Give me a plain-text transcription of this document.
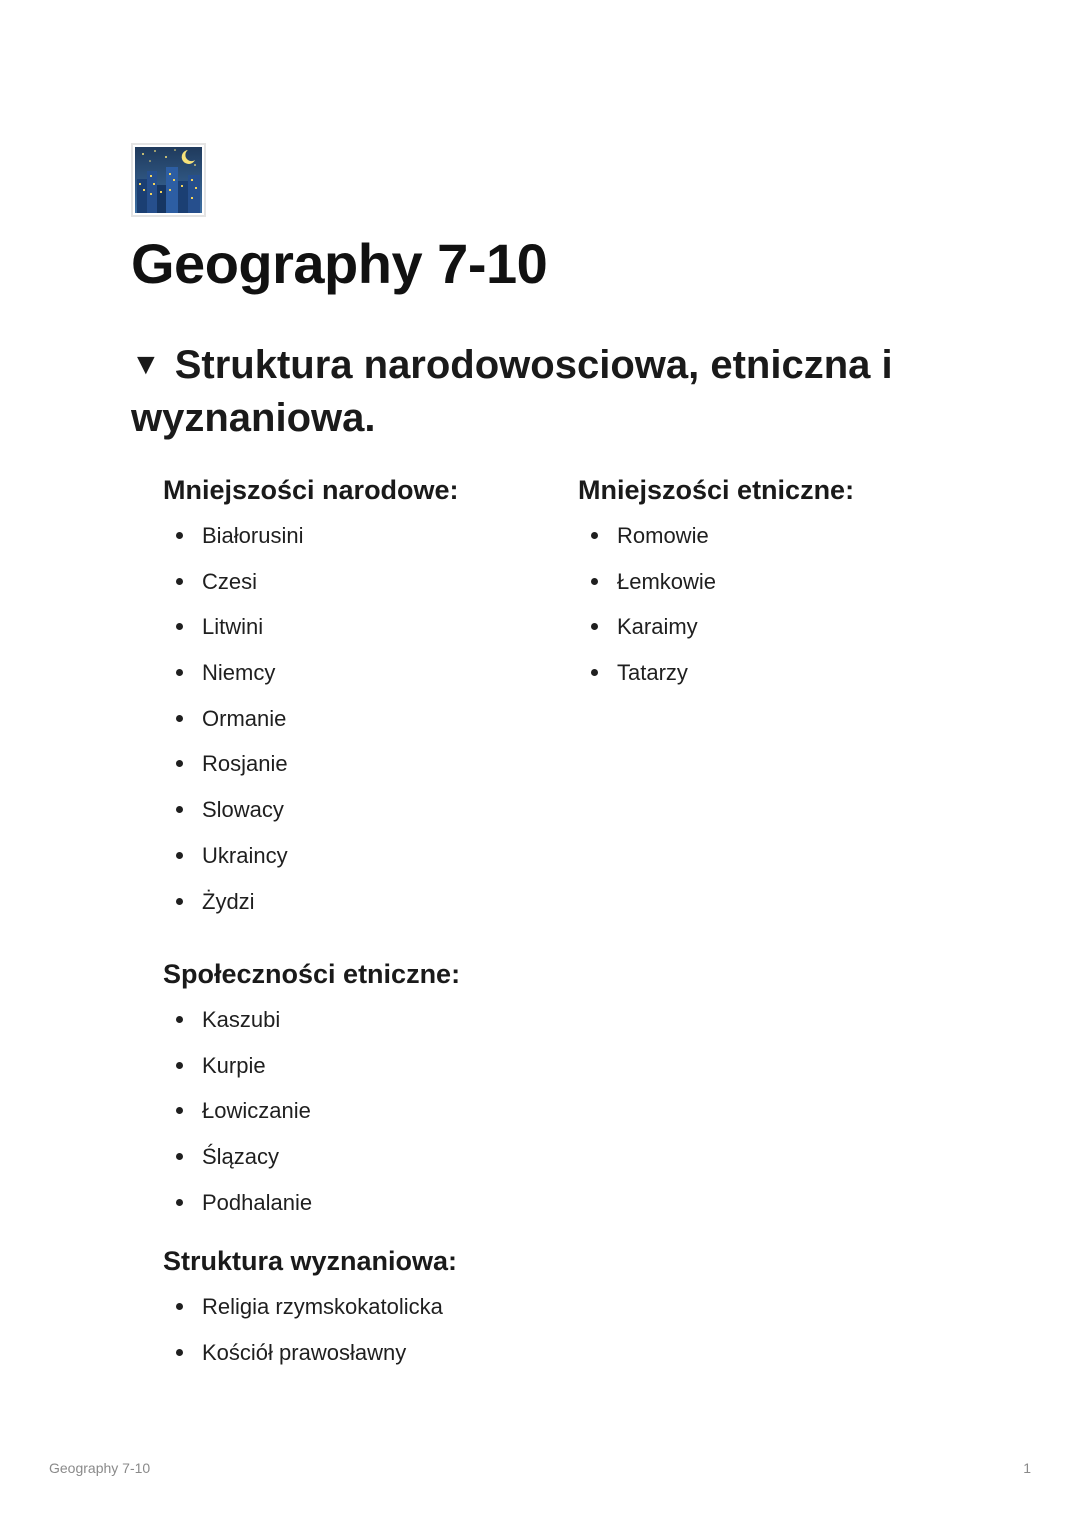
Geography 7-10
▼ Struktura narodowosciowa, etniczna i wyznaniowa.
Mniejszości narodowe:
Białorusini
Czesi
Litwini
Niemcy
Ormanie
Rosjanie
Slowacy
Ukraincy
Żydzi
Mniejszości etniczne:
Romowie
Łemkowie
Karaimy
Tatarzy
Społeczności etniczne:
Kaszubi
Kurpie
Łowiczanie
Ślązacy
Podhalanie
Struktura wyznaniowa:
Religia rzymskokatolicka
Kościół prawosławny
Geography 7-10	1
